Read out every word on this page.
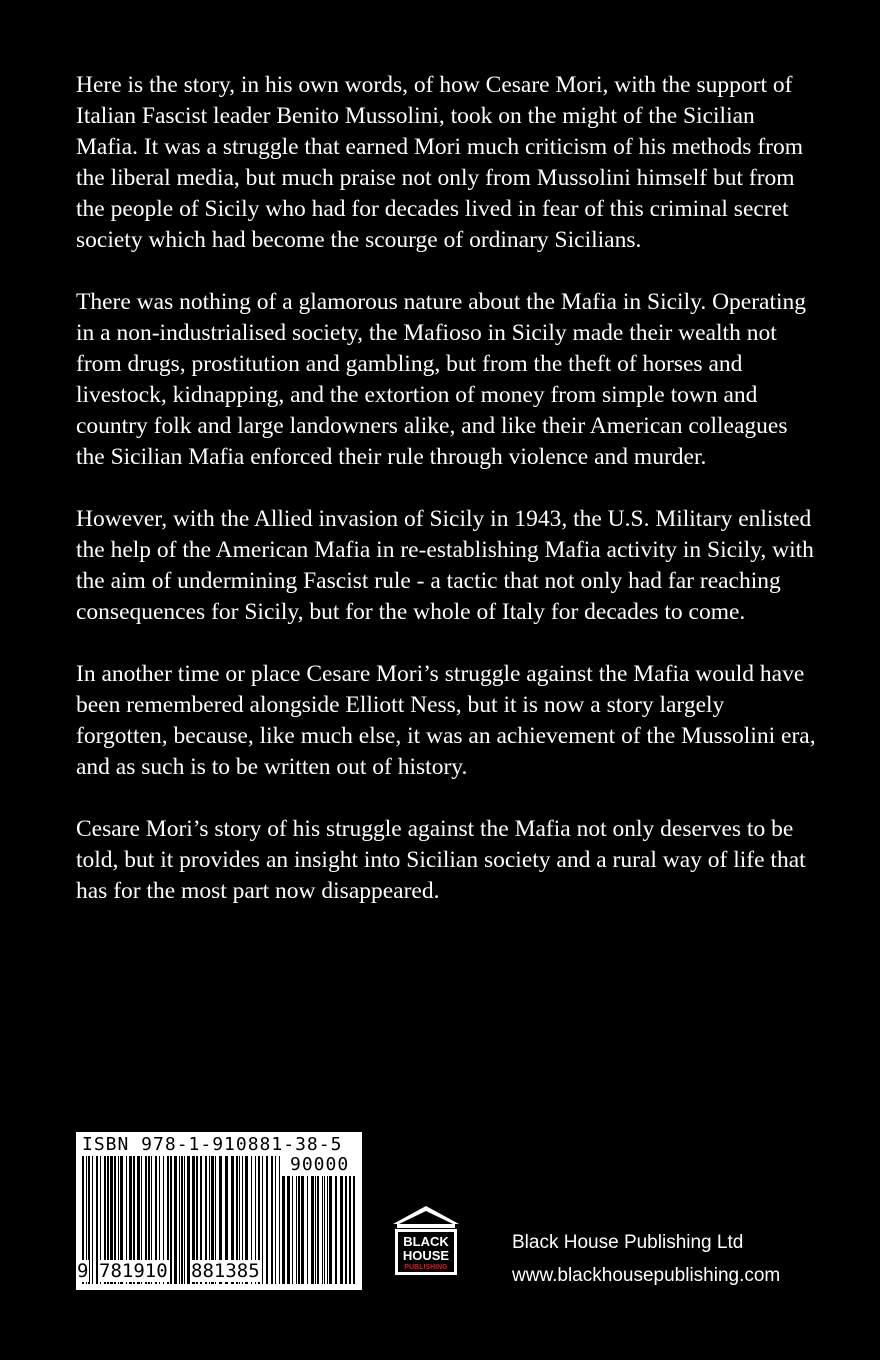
Here is the story, in his own words, of how Cesare Mori, with the support of Italian Fascist leader Benito Mussolini, took on the might of the Sicilian Mafia. It was a struggle that earned Mori much criticism of his methods from the liberal media, but much praise not only from Mussolini himself but from the people of Sicily who had for decades lived in fear of this criminal secret society which had become the scourge of ordinary Sicilians.

There was nothing of a glamorous nature about the Mafia in Sicily. Operating in a non-industrialised society, the Mafioso in Sicily made their wealth not from drugs, prostitution and gambling, but from the theft of horses and livestock, kidnapping, and the extortion of money from simple town and country folk and large landowners alike, and like their American colleagues the Sicilian Mafia enforced their rule through violence and murder.

However, with the Allied invasion of Sicily in 1943, the U.S. Military enlisted the help of the American Mafia in re-establishing Mafia activity in Sicily, with the aim of undermining Fascist rule - a tactic that not only had far reaching consequences for Sicily, but for the whole of Italy for decades to come.

In another time or place Cesare Mori’s struggle against the Mafia would have been remembered alongside Elliott Ness, but it is now a story largely forgotten, because, like much else, it was an achievement of the Mussolini era, and as such is to be written out of history.

Cesare Mori’s story of his struggle against the Mafia not only deserves to be told, but it provides an insight into Sicilian society and a rural way of life that has for the most part now disappeared.

ISBN 978-1-910881-38-5
90000
9 781910 881385
BLACK
HOUSE
PUBLISHING
Black House Publishing Ltd
www.blackhousepublishing.com
